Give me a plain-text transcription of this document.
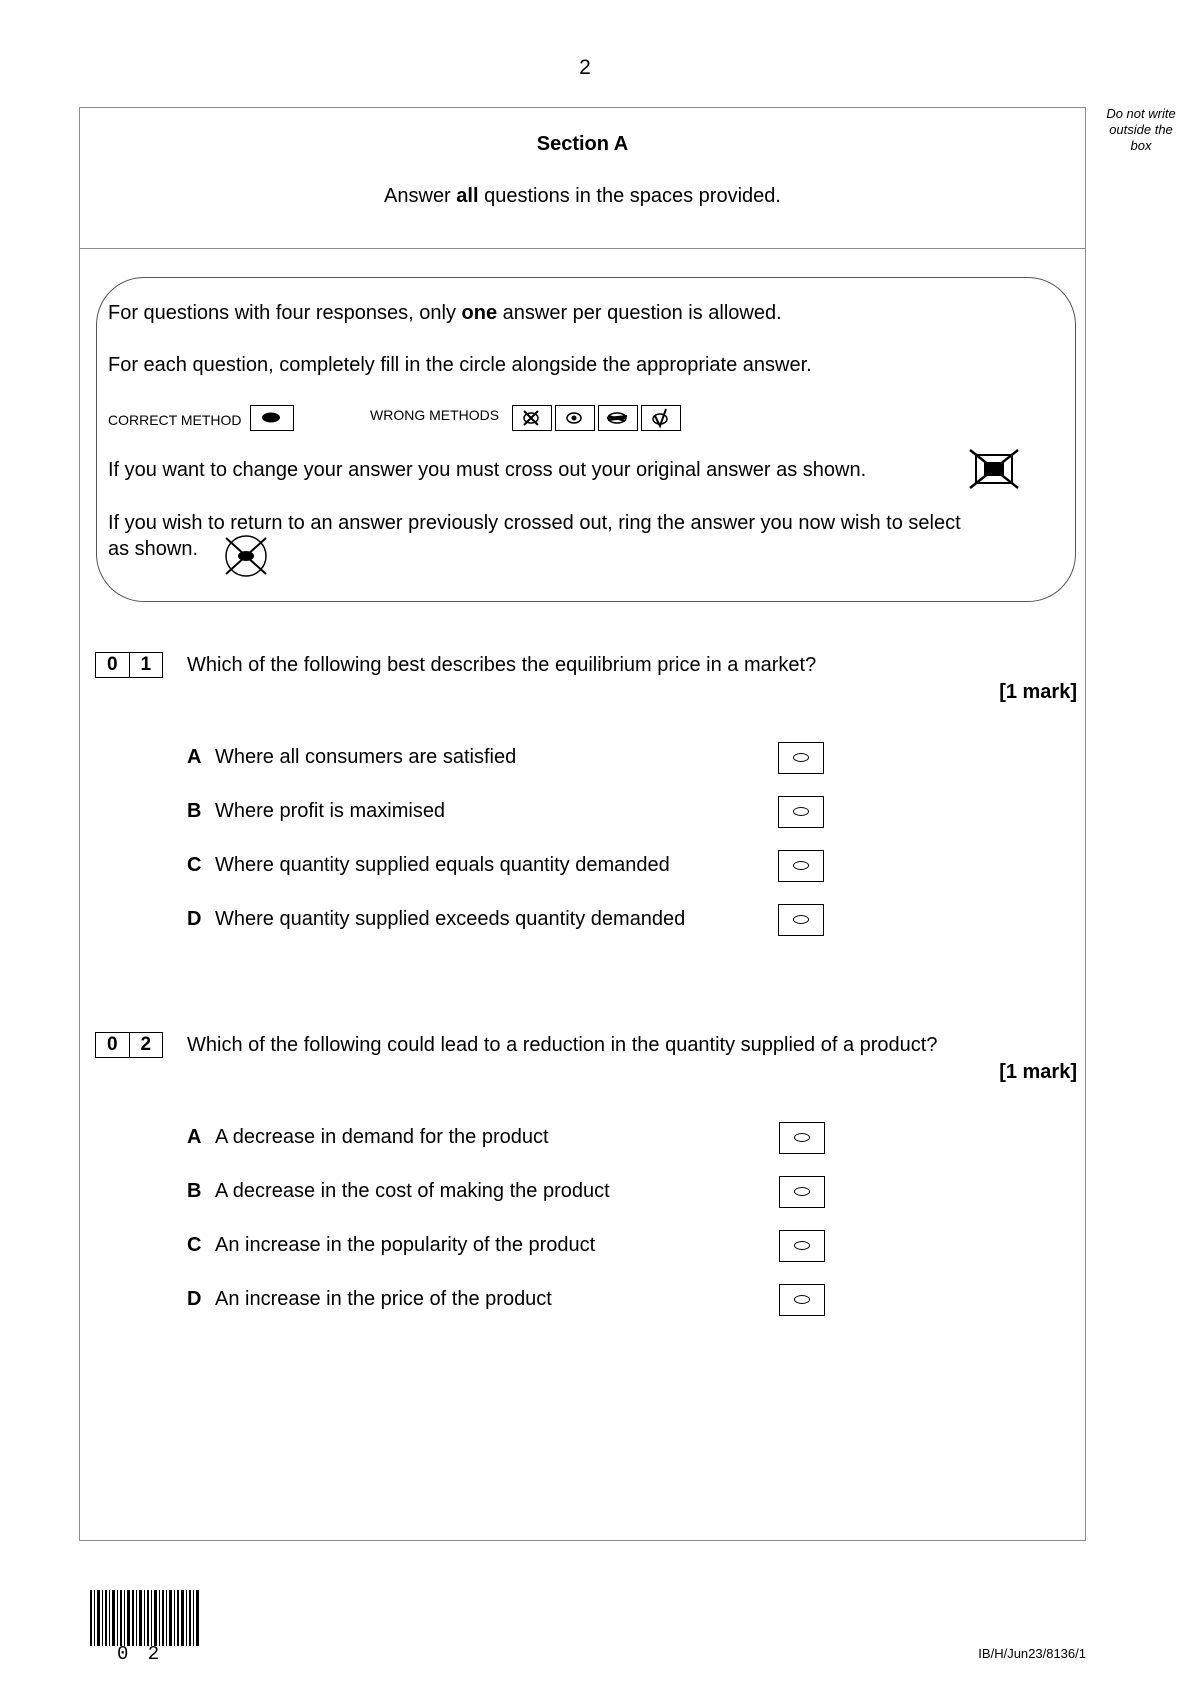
2
Do not write
outside the
box
Section A
Answer all questions in the spaces provided.
For questions with four responses, only one answer per question is allowed.
For each question, completely fill in the circle alongside the appropriate answer.
CORRECT METHOD	WRONG METHODS
If you want to change your answer you must cross out your original answer as shown.
If you wish to return to an answer previously crossed out, ring the answer you now wish to select
as shown.
0	1	Which of the following best describes the equilibrium price in a market?
[1 mark]
A Where all consumers are satisfied
B Where profit is maximised
C Where quantity supplied equals quantity demanded
D Where quantity supplied exceeds quantity demanded
0	2	Which of the following could lead to a reduction in the quantity supplied of a product?
[1 mark]
A A decrease in demand for the product
B A decrease in the cost of making the product
C An increase in the popularity of the product
D An increase in the price of the product
0 2	IB/H/Jun23/8136/1
